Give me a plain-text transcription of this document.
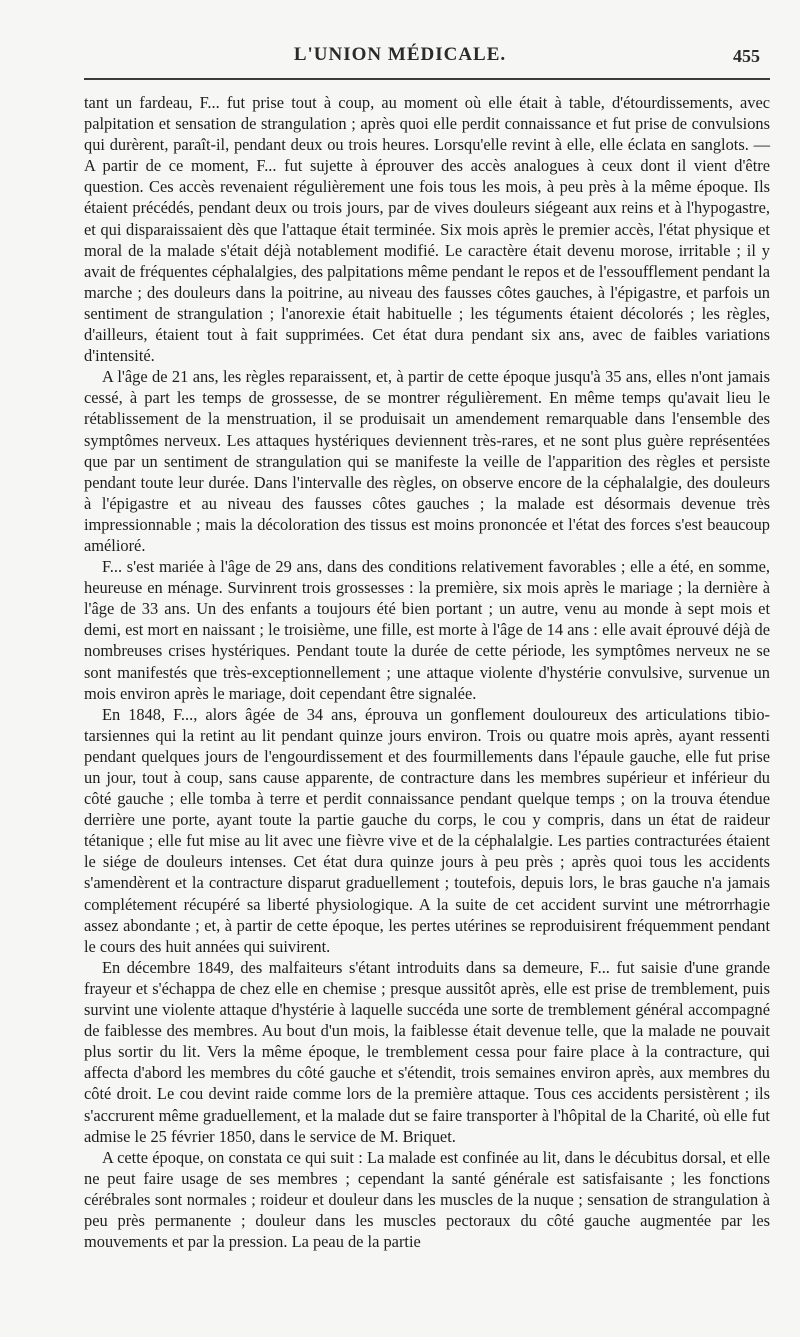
L'UNION MÉDICALE.	455

tant un fardeau, F... fut prise tout à coup, au moment où elle était à table, d'étourdissements, avec palpitation et sensation de strangulation ; après quoi elle perdit connaissance et fut prise de convulsions qui durèrent, paraît-il, pendant deux ou trois heures. Lorsqu'elle revint à elle, elle éclata en sanglots. — A partir de ce moment, F... fut sujette à éprouver des accès analogues à ceux dont il vient d'être question. Ces accès revenaient régulièrement une fois tous les mois, à peu près à la même époque. Ils étaient précédés, pendant deux ou trois jours, par de vives douleurs siégeant aux reins et à l'hypogastre, et qui disparaissaient dès que l'attaque était terminée. Six mois après le premier accès, l'état physique et moral de la malade s'était déjà notablement modifié. Le caractère était devenu morose, irritable ; il y avait de fréquentes céphalalgies, des palpitations même pendant le repos et de l'essoufflement pendant la marche ; des douleurs dans la poitrine, au niveau des fausses côtes gauches, à l'épigastre, et parfois un sentiment de strangulation ; l'anorexie était habituelle ; les téguments étaient décolorés ; les règles, d'ailleurs, étaient tout à fait supprimées. Cet état dura pendant six ans, avec de faibles variations d'intensité.

A l'âge de 21 ans, les règles reparaissent, et, à partir de cette époque jusqu'à 35 ans, elles n'ont jamais cessé, à part les temps de grossesse, de se montrer régulièrement. En même temps qu'avait lieu le rétablissement de la menstruation, il se produisait un amendement remarquable dans l'ensemble des symptômes nerveux. Les attaques hystériques deviennent très-rares, et ne sont plus guère représentées que par un sentiment de strangulation qui se manifeste la veille de l'apparition des règles et persiste pendant toute leur durée. Dans l'intervalle des règles, on observe encore de la céphalalgie, des douleurs à l'épigastre et au niveau des fausses côtes gauches ; la malade est désormais devenue très impressionnable ; mais la décoloration des tissus est moins prononcée et l'état des forces s'est beaucoup amélioré.

F... s'est mariée à l'âge de 29 ans, dans des conditions relativement favorables ; elle a été, en somme, heureuse en ménage. Survinrent trois grossesses : la première, six mois après le mariage ; la dernière à l'âge de 33 ans. Un des enfants a toujours été bien portant ; un autre, venu au monde à sept mois et demi, est mort en naissant ; le troisième, une fille, est morte à l'âge de 14 ans : elle avait éprouvé déjà de nombreuses crises hystériques. Pendant toute la durée de cette période, les symptômes nerveux ne se sont manifestés que très-exceptionnellement ; une attaque violente d'hystérie convulsive, survenue un mois environ après le mariage, doit cependant être signalée.

En 1848, F..., alors âgée de 34 ans, éprouva un gonflement douloureux des articulations tibio-tarsiennes qui la retint au lit pendant quinze jours environ. Trois ou quatre mois après, ayant ressenti pendant quelques jours de l'engourdissement et des fourmillements dans l'épaule gauche, elle fut prise un jour, tout à coup, sans cause apparente, de contracture dans les membres supérieur et inférieur du côté gauche ; elle tomba à terre et perdit connaissance pendant quelque temps ; on la trouva étendue derrière une porte, ayant toute la partie gauche du corps, le cou y compris, dans un état de raideur tétanique ; elle fut mise au lit avec une fièvre vive et de la céphalalgie. Les parties contracturées étaient le siége de douleurs intenses. Cet état dura quinze jours à peu près ; après quoi tous les accidents s'amendèrent et la contracture disparut graduellement ; toutefois, depuis lors, le bras gauche n'a jamais complétement récupéré sa liberté physiologique. A la suite de cet accident survint une métrorrhagie assez abondante ; et, à partir de cette époque, les pertes utérines se reproduisirent fréquemment pendant le cours des huit années qui suivirent.

En décembre 1849, des malfaiteurs s'étant introduits dans sa demeure, F... fut saisie d'une grande frayeur et s'échappa de chez elle en chemise ; presque aussitôt après, elle est prise de tremblement, puis survint une violente attaque d'hystérie à laquelle succéda une sorte de tremblement général accompagné de faiblesse des membres. Au bout d'un mois, la faiblesse était devenue telle, que la malade ne pouvait plus sortir du lit. Vers la même époque, le tremblement cessa pour faire place à la contracture, qui affecta d'abord les membres du côté gauche et s'étendit, trois semaines environ après, aux membres du côté droit. Le cou devint raide comme lors de la première attaque. Tous ces accidents persistèrent ; ils s'accrurent même graduellement, et la malade dut se faire transporter à l'hôpital de la Charité, où elle fut admise le 25 février 1850, dans le service de M. Briquet.

A cette époque, on constata ce qui suit : La malade est confinée au lit, dans le décubitus dorsal, et elle ne peut faire usage de ses membres ; cependant la santé générale est satisfaisante ; les fonctions cérébrales sont normales ; roideur et douleur dans les muscles de la nuque ; sensation de strangulation à peu près permanente ; douleur dans les muscles pectoraux du côté gauche augmentée par les mouvements et par la pression. La peau de la partie
